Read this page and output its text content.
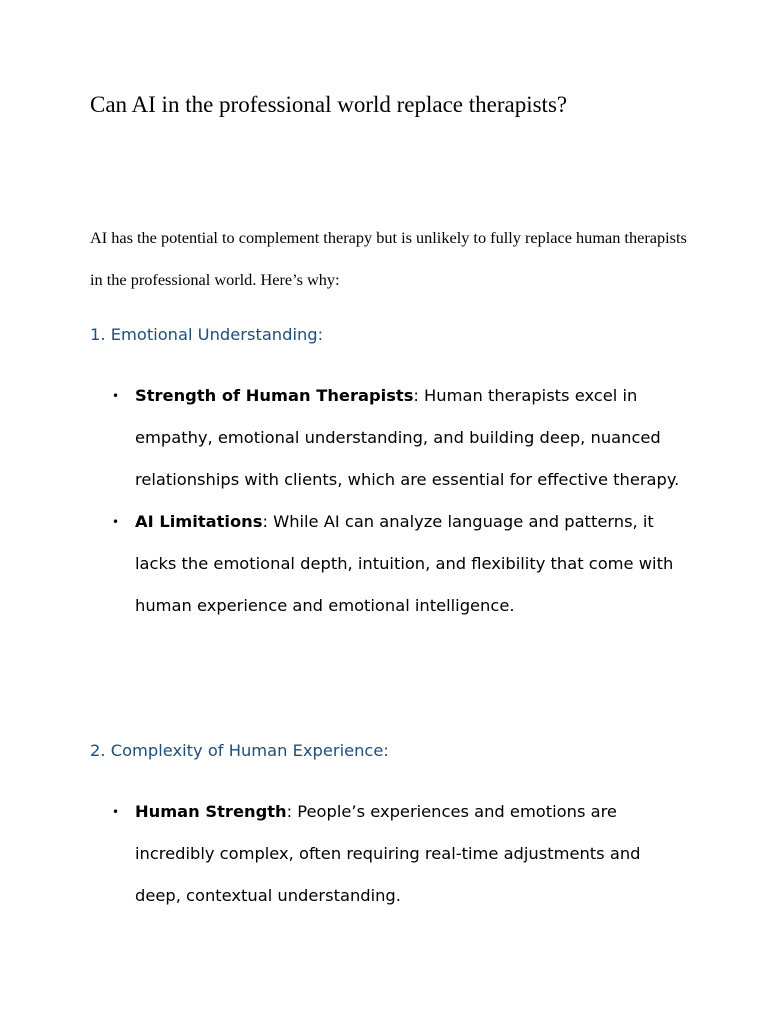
Can AI in the professional world replace therapists?

AI has the potential to complement therapy but is unlikely to fully replace human therapists in the professional world. Here’s why:

1. Emotional Understanding:
• Strength of Human Therapists: Human therapists excel in empathy, emotional understanding, and building deep, nuanced relationships with clients, which are essential for effective therapy.
• AI Limitations: While AI can analyze language and patterns, it lacks the emotional depth, intuition, and flexibility that come with human experience and emotional intelligence.
2. Complexity of Human Experience:
• Human Strength: People’s experiences and emotions are incredibly complex, often requiring real-time adjustments and deep, contextual understanding.
